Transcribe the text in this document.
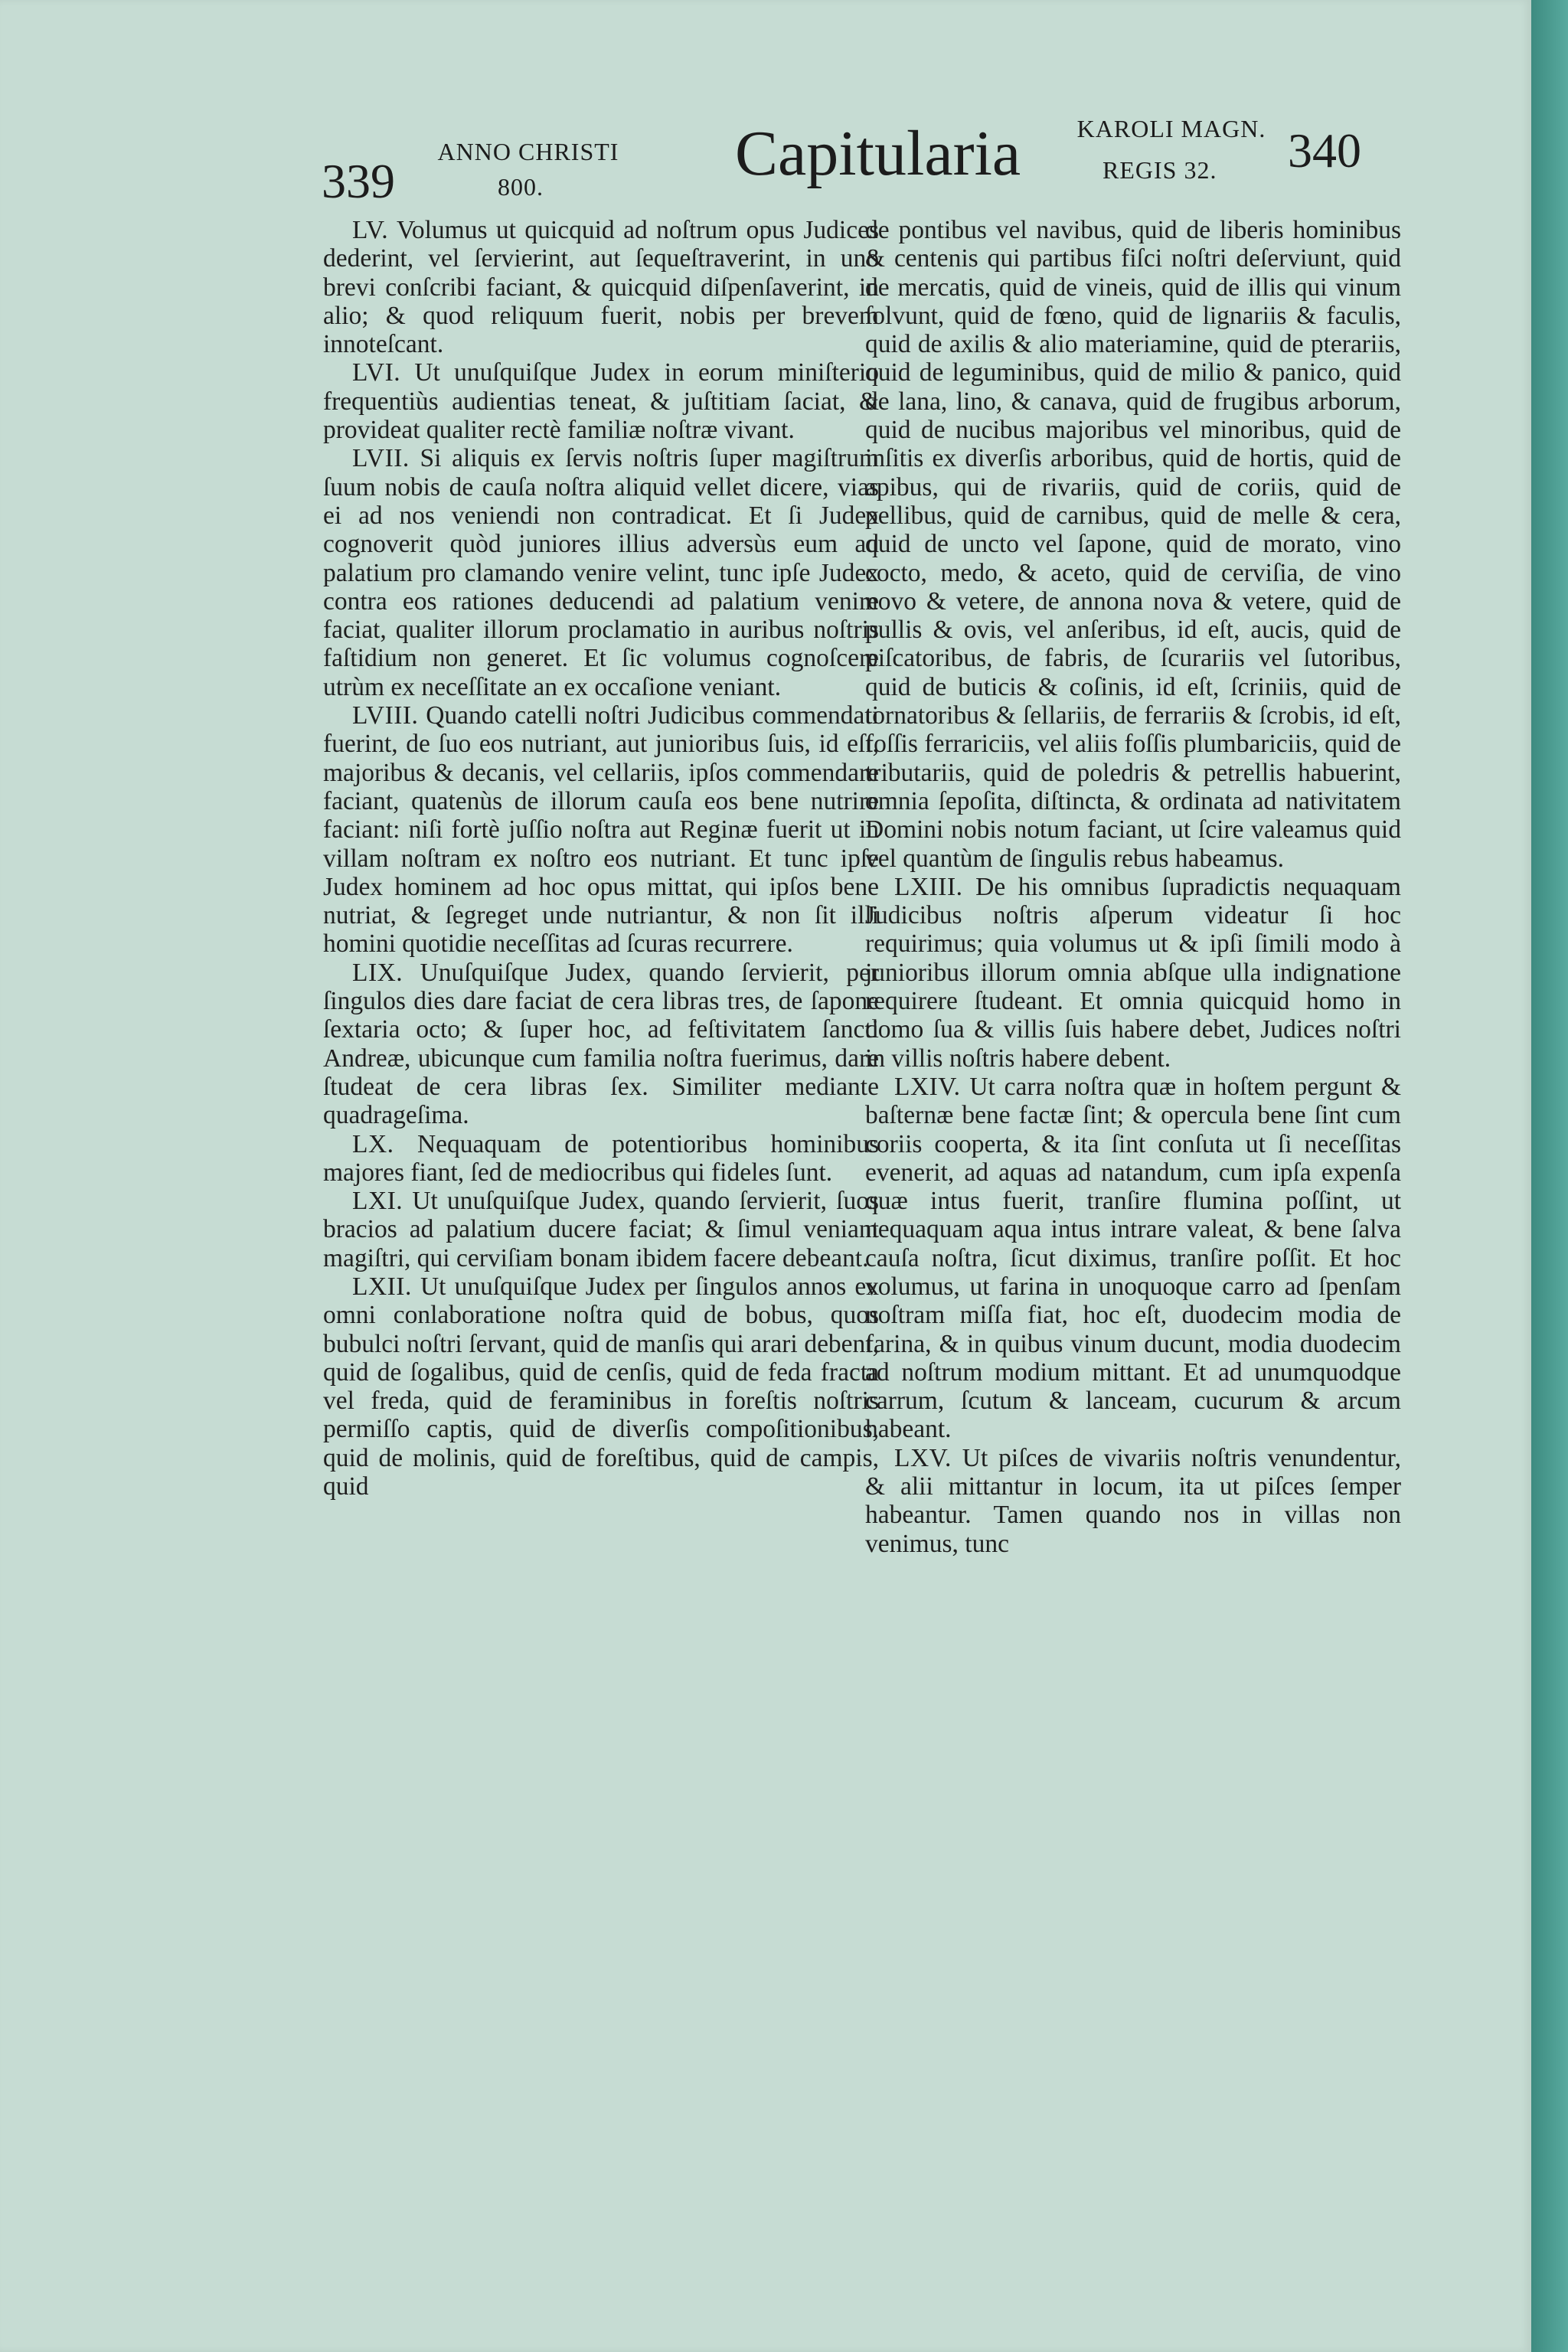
339
ANNO CHRISTI
800.	Capitularia	KAROLI MAGN.
REGIS 32. 340

LV. Volumus ut quicquid ad noſtrum opus Judices dederint, vel ſervierint, aut ſequeſtraverint, in uno brevi conſcribi faciant, & quicquid diſpenſaverint, in alio; & quod reliquum fuerit, nobis per brevem innoteſcant.

LVI. Ut unuſquiſque Judex in eorum miniſterio frequentiùs audientias teneat, & juſtitiam ſaciat, & provideat qualiter rectè familiæ noſtræ vivant.

LVII. Si aliquis ex ſervis noſtris ſuper magiſtrum ſuum nobis de cauſa noſtra aliquid vellet dicere, vias ei ad nos veniendi non contradicat. Et ſi Judex cognoverit quòd juniores illius adversùs eum ad palatium pro clamando venire velint, tunc ipſe Judex contra eos rationes deducendi ad palatium venire faciat, qualiter illorum proclamatio in auribus noſtris faſtidium non generet. Et ſic volumus cognoſcere utrùm ex neceſſitate an ex occaſione veniant.

LVIII. Quando catelli noſtri Judicibus commendati fuerint, de ſuo eos nutriant, aut junioribus ſuis, id eſt, majoribus & decanis, vel cellariis, ipſos commendare faciant, quatenùs de illorum cauſa eos bene nutrire faciant: niſi fortè juſſio noſtra aut Reginæ fuerit ut in villam noſtram ex noſtro eos nutriant. Et tunc ipſe Judex hominem ad hoc opus mittat, qui ipſos bene nutriat, & ſegreget unde nutriantur, & non ſit illi homini quotidie neceſſitas ad ſcuras recurrere.

LIX. Unuſquiſque Judex, quando ſervierit, per ſingulos dies dare faciat de cera libras tres, de ſapone ſextaria octo; & ſuper hoc, ad feſtivitatem ſancti Andreæ, ubicunque cum familia noſtra fuerimus, dare ſtudeat de cera libras ſex. Similiter mediante quadrageſima.

LX. Nequaquam de potentioribus hominibus majores fiant, ſed de mediocribus qui fideles ſunt.

LXI. Ut unuſquiſque Judex, quando ſervierit, ſuos bracios ad palatium ducere faciat; & ſimul veniant magiſtri, qui cerviſiam bonam ibidem facere debeant.

LXII. Ut unuſquiſque Judex per ſingulos annos ex omni conlaboratione noſtra quid de bobus, quos bubulci noſtri ſervant, quid de manſis qui arari debent, quid de ſogalibus, quid de cenſis, quid de feda fracta vel freda, quid de feraminibus in foreſtis noſtris permiſſo captis, quid de diverſis compoſitionibus, quid de molinis, quid de foreſtibus, quid de campis, quid

de pontibus vel navibus, quid de liberis hominibus & centenis qui partibus fiſci noſtri deſerviunt, quid de mercatis, quid de vineis, quid de illis qui vinum ſolvunt, quid de fœno, quid de lignariis & faculis, quid de axilis & alio materiamine, quid de pterariis, quid de leguminibus, quid de milio & panico, quid de lana, lino, & canava, quid de frugibus arborum, quid de nucibus majoribus vel minoribus, quid de inſitis ex diverſis arboribus, quid de hortis, quid de apibus, qui de rivariis, quid de coriis, quid de pellibus, quid de carnibus, quid de melle & cera, quid de uncto vel ſapone, quid de morato, vino cocto, medo, & aceto, quid de cerviſia, de vino novo & vetere, de annona nova & vetere, quid de pullis & ovis, vel anſeribus, id eſt, aucis, quid de piſcatoribus, de fabris, de ſcurariis vel ſutoribus, quid de buticis & coſinis, id eſt, ſcriniis, quid de tornatoribus & ſellariis, de ferrariis & ſcrobis, id eſt, foſſis ferrariciis, vel aliis foſſis plumbariciis, quid de tributariis, quid de poledris & petrellis habuerint, omnia ſepoſita, diſtincta, & ordinata ad nativitatem Domini nobis notum faciant, ut ſcire valeamus quid vel quantùm de ſingulis rebus habeamus.

LXIII. De his omnibus ſupradictis nequaquam Judicibus noſtris aſperum videatur ſi hoc requirimus; quia volumus ut & ipſi ſimili modo à junioribus illorum omnia abſque ulla indignatione requirere ſtudeant. Et omnia quicquid homo in domo ſua & villis ſuis habere debet, Judices noſtri in villis noſtris habere debent.

LXIV. Ut carra noſtra quæ in hoſtem pergunt & baſternæ bene factæ ſint; & opercula bene ſint cum coriis cooperta, & ita ſint conſuta ut ſi neceſſitas evenerit, ad aquas ad natandum, cum ipſa expenſa quæ intus fuerit, tranſire flumina poſſint, ut nequaquam aqua intus intrare valeat, & bene ſalva cauſa noſtra, ſicut diximus, tranſire poſſit. Et hoc volumus, ut farina in unoquoque carro ad ſpenſam noſtram miſſa fiat, hoc eſt, duodecim modia de farina, & in quibus vinum ducunt, modia duodecim ad noſtrum modium mittant. Et ad unumquodque carrum, ſcutum & lanceam, cucurum & arcum habeant.

LXV. Ut piſces de vivariis noſtris venundentur, & alii mittantur in locum, ita ut piſces ſemper habeantur. Tamen quando nos in villas non venimus, tunc
